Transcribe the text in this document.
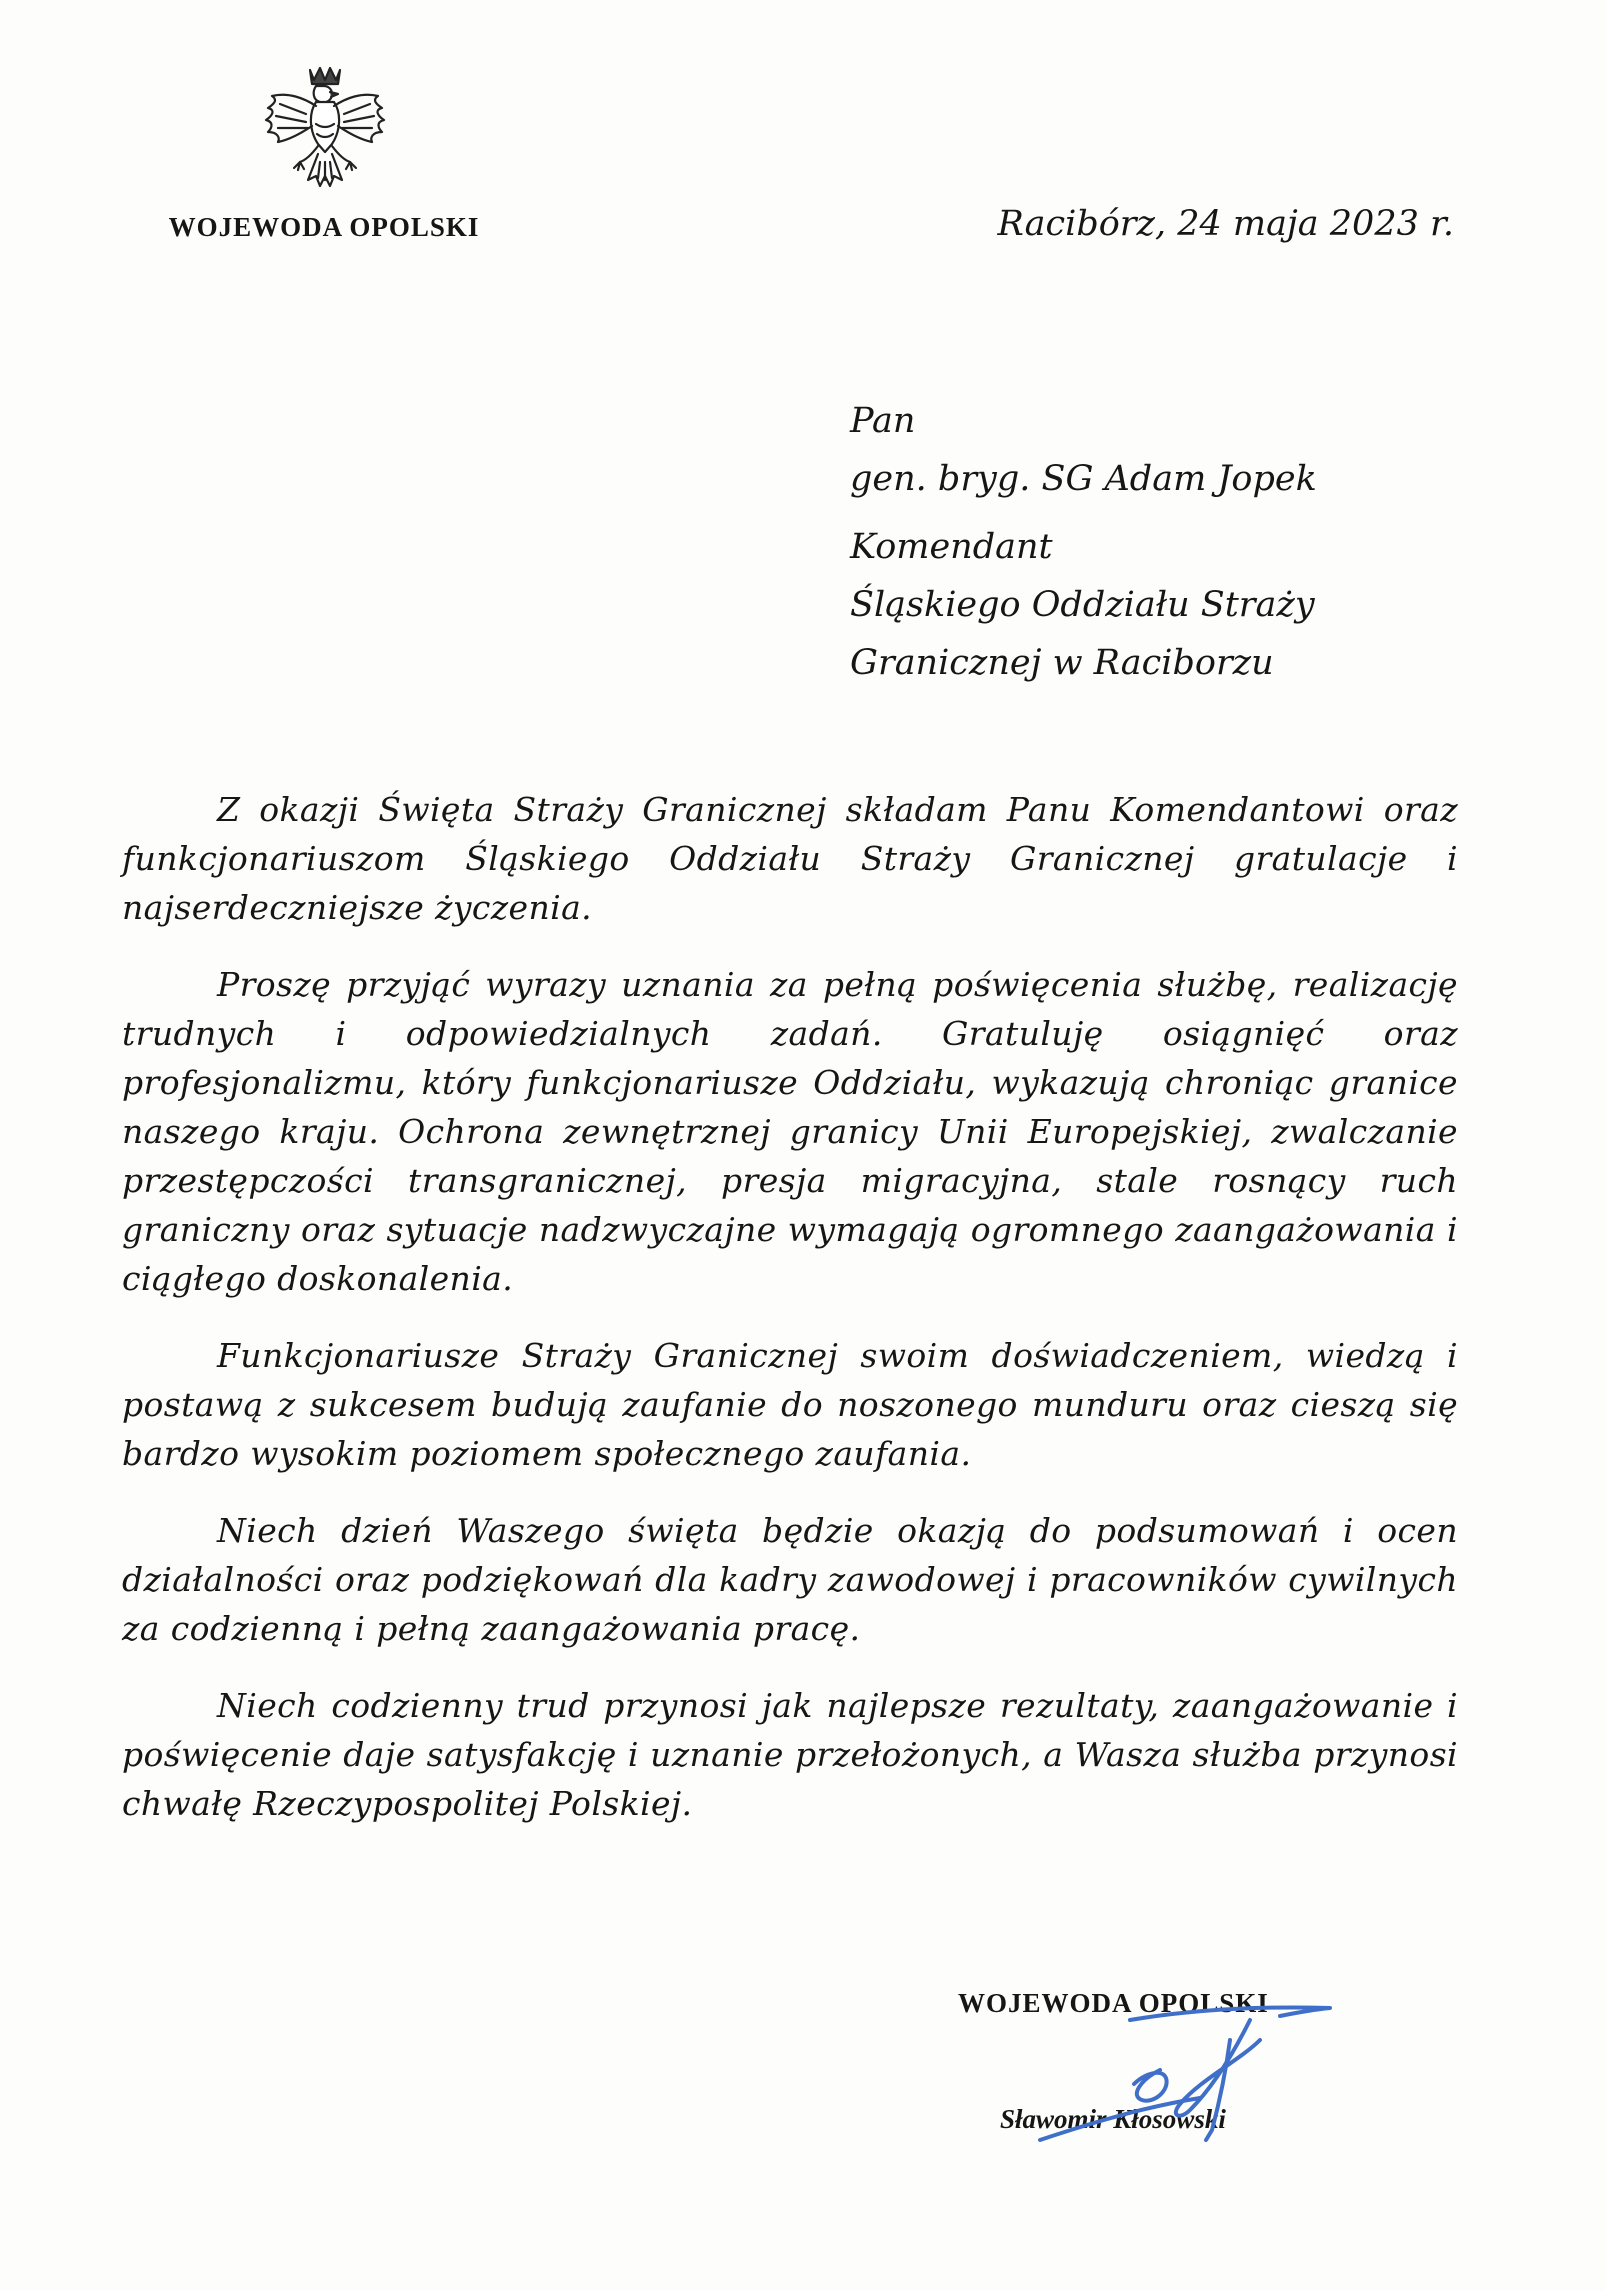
WOJEWODA OPOLSKI	Racibórz, 24 maja 2023 r.
Pan
gen. bryg. SG Adam Jopek
Komendant
Śląskiego Oddziału Straży
Granicznej w Raciborzu

Z okazji Święta Straży Granicznej składam Panu Komendantowi oraz funkcjonariuszom Śląskiego Oddziału Straży Granicznej gratulacje i najserdeczniejsze życzenia.

Proszę przyjąć wyrazy uznania za pełną poświęcenia służbę, realizację trudnych i odpowiedzialnych zadań. Gratuluję osiągnięć oraz profesjonalizmu, który funkcjonariusze Oddziału, wykazują chroniąc granice naszego kraju. Ochrona zewnętrznej granicy Unii Europejskiej, zwalczanie przestępczości transgranicznej, presja migracyjna, stale rosnący ruch graniczny oraz sytuacje nadzwyczajne wymagają ogromnego zaangażowania i ciągłego doskonalenia.

Funkcjonariusze Straży Granicznej swoim doświadczeniem, wiedzą i postawą z sukcesem budują zaufanie do noszonego munduru oraz cieszą się bardzo wysokim poziomem społecznego zaufania.

Niech dzień Waszego święta będzie okazją do podsumowań i ocen działalności oraz podziękowań dla kadry zawodowej i pracowników cywilnych za codzienną i pełną zaangażowania pracę.

Niech codzienny trud przynosi jak najlepsze rezultaty, zaangażowanie i poświęcenie daje satysfakcję i uznanie przełożonych, a Wasza służba przynosi chwałę Rzeczypospolitej Polskiej.

WOJEWODA OPOLSKI
Sławomir Kłosowski
